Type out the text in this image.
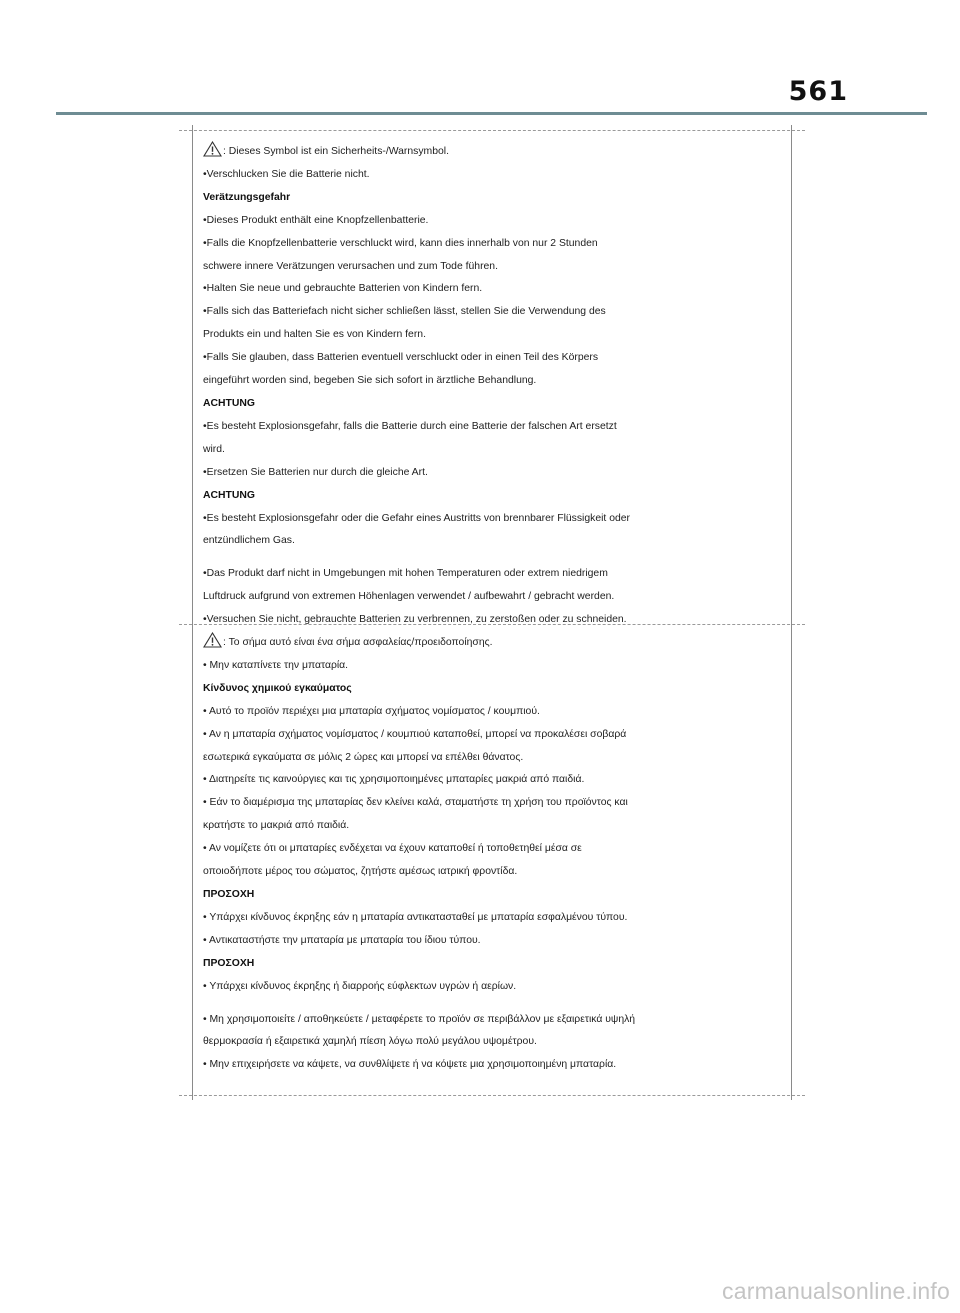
561
: Dieses Symbol ist ein Sicherheits-/Warnsymbol.
•Verschlucken Sie die Batterie nicht.
Verätzungsgefahr
•Dieses Produkt enthält eine Knopfzellenbatterie.
•Falls die Knopfzellenbatterie verschluckt wird, kann dies innerhalb von nur 2 Stunden
schwere innere Verätzungen verursachen und zum Tode führen.
•Halten Sie neue und gebrauchte Batterien von Kindern fern.
•Falls sich das Batteriefach nicht sicher schließen lässt, stellen Sie die Verwendung des
Produkts ein und halten Sie es von Kindern fern.
•Falls Sie glauben, dass Batterien eventuell verschluckt oder in einen Teil des Körpers
eingeführt worden sind, begeben Sie sich sofort in ärztliche Behandlung.
ACHTUNG
•Es besteht Explosionsgefahr, falls die Batterie durch eine Batterie der falschen Art ersetzt
wird.
•Ersetzen Sie Batterien nur durch die gleiche Art.
ACHTUNG
•Es besteht Explosionsgefahr oder die Gefahr eines Austritts von brennbarer Flüssigkeit oder
entzündlichem Gas.
•Das Produkt darf nicht in Umgebungen mit hohen Temperaturen oder extrem niedrigem
Luftdruck aufgrund von extremen Höhenlagen verwendet / aufbewahrt / gebracht werden.
•Versuchen Sie nicht, gebrauchte Batterien zu verbrennen, zu zerstoßen oder zu schneiden.
: Το σήμα αυτό είναι ένα σήμα ασφαλείας/προειδοποίησης.
• Μην καταπίνετε την μπαταρία.
Κίνδυνος χημικού εγκαύματος
• Αυτό το προϊόν περιέχει μια μπαταρία σχήματος νομίσματος / κουμπιού.
• Αν η μπαταρία σχήματος νομίσματος / κουμπιού καταποθεί, μπορεί να προκαλέσει σοβαρά
εσωτερικά εγκαύματα σε μόλις 2 ώρες και μπορεί να επέλθει θάνατος.
• Διατηρείτε τις καινούργιες και τις χρησιμοποιημένες μπαταρίες μακριά από παιδιά.
• Εάν το διαμέρισμα της μπαταρίας δεν κλείνει καλά, σταματήστε τη χρήση του προϊόντος και
κρατήστε το μακριά από παιδιά.
• Αν νομίζετε ότι οι μπαταρίες ενδέχεται να έχουν καταποθεί ή τοποθετηθεί μέσα σε
οποιοδήποτε μέρος του σώματος, ζητήστε αμέσως ιατρική φροντίδα.
ΠΡΟΣΟΧΗ
• Υπάρχει κίνδυνος έκρηξης εάν η μπαταρία αντικατασταθεί με μπαταρία εσφαλμένου τύπου.
• Αντικαταστήστε την μπαταρία με μπαταρία του ίδιου τύπου.
ΠΡΟΣΟΧΗ
• Υπάρχει κίνδυνος έκρηξης ή διαρροής εύφλεκτων υγρών ή αερίων.
• Μη χρησιμοποιείτε / αποθηκεύετε / μεταφέρετε το προϊόν σε περιβάλλον με εξαιρετικά υψηλή
θερμοκρασία ή εξαιρετικά χαμηλή πίεση λόγω πολύ μεγάλου υψομέτρου.
• Μην επιχειρήσετε να κάψετε, να συνθλίψετε ή να κόψετε μια χρησιμοποιημένη μπαταρία.
carmanualsonline.info
